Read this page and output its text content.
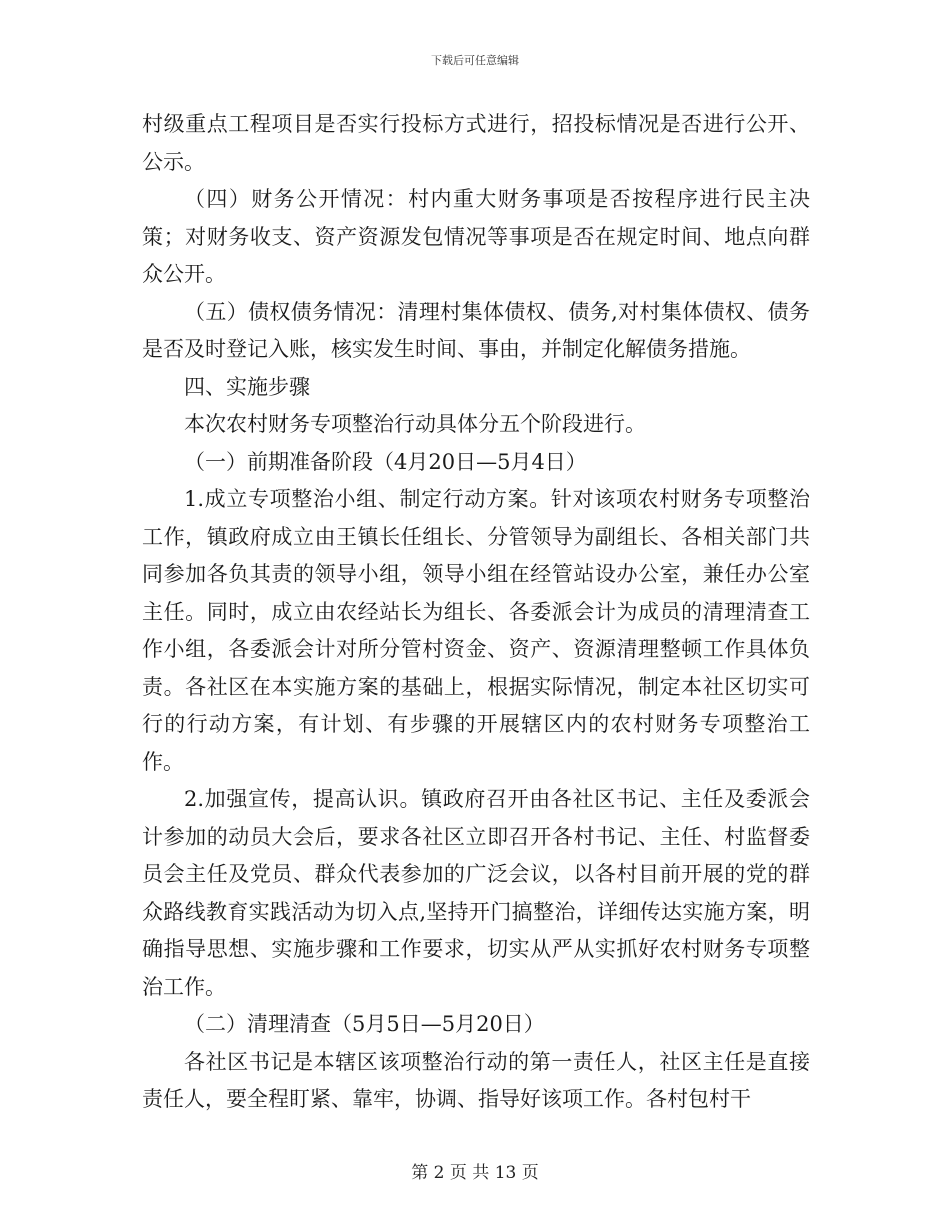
下载后可任意编辑

村级重点工程项目是否实行投标方式进行，招投标情况是否进行公开、公示。

（四）财务公开情况：村内重大财务事项是否按程序进行民主决策；对财务收支、资产资源发包情况等事项是否在规定时间、地点向群众公开。

（五）债权债务情况：清理村集体债权、债务,对村集体债权、债务是否及时登记入账，核实发生时间、事由，并制定化解债务措施。

四、实施步骤

本次农村财务专项整治行动具体分五个阶段进行。

（一）前期准备阶段（4月20日—5月4日）

1.成立专项整治小组、制定行动方案。针对该项农村财务专项整治工作，镇政府成立由王镇长任组长、分管领导为副组长、各相关部门共同参加各负其责的领导小组，领导小组在经管站设办公室，兼任办公室主任。同时，成立由农经站长为组长、各委派会计为成员的清理清查工作小组，各委派会计对所分管村资金、资产、资源清理整顿工作具体负责。各社区在本实施方案的基础上，根据实际情况，制定本社区切实可行的行动方案，有计划、有步骤的开展辖区内的农村财务专项整治工作。

2.加强宣传，提高认识。镇政府召开由各社区书记、主任及委派会计参加的动员大会后，要求各社区立即召开各村书记、主任、村监督委员会主任及党员、群众代表参加的广泛会议，以各村目前开展的党的群众路线教育实践活动为切入点,坚持开门搞整治，详细传达实施方案，明确指导思想、实施步骤和工作要求，切实从严从实抓好农村财务专项整治工作。

（二）清理清查（5月5日—5月20日）

各社区书记是本辖区该项整治行动的第一责任人，社区主任是直接责任人，要全程盯紧、靠牢，协调、指导好该项工作。各村包村干

第 2 页 共 13 页
